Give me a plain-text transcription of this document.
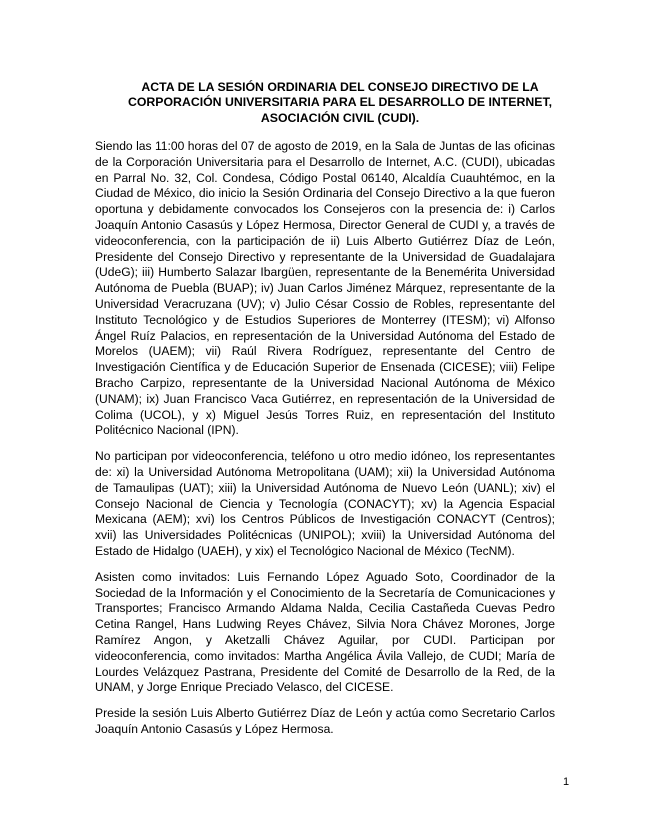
ACTA DE LA SESIÓN ORDINARIA DEL CONSEJO DIRECTIVO DE LA CORPORACIÓN UNIVERSITARIA PARA EL DESARROLLO DE INTERNET, ASOCIACIÓN CIVIL (CUDI).

Siendo las 11:00 horas del 07 de agosto de 2019, en la Sala de Juntas de las oficinas de la Corporación Universitaria para el Desarrollo de Internet, A.C. (CUDI), ubicadas en Parral No. 32, Col. Condesa, Código Postal 06140, Alcaldía Cuauhtémoc, en la Ciudad de México, dio inicio la Sesión Ordinaria del Consejo Directivo a la que fueron oportuna y debidamente convocados los Consejeros con la presencia de: i) Carlos Joaquín Antonio Casasús y López Hermosa, Director General de CUDI y, a través de videoconferencia, con la participación de ii) Luis Alberto Gutiérrez Díaz de León, Presidente del Consejo Directivo y representante de la Universidad de Guadalajara (UdeG); iii) Humberto Salazar Ibargüen, representante de la Benemérita Universidad Autónoma de Puebla (BUAP); iv) Juan Carlos Jiménez Márquez, representante de la Universidad Veracruzana (UV); v) Julio César Cossio de Robles, representante del Instituto Tecnológico y de Estudios Superiores de Monterrey (ITESM); vi) Alfonso Ángel Ruíz Palacios, en representación de la Universidad Autónoma del Estado de Morelos (UAEM); vii) Raúl Rivera Rodríguez, representante del Centro de Investigación Científica y de Educación Superior de Ensenada (CICESE); viii) Felipe Bracho Carpizo, representante de la Universidad Nacional Autónoma de México (UNAM); ix) Juan Francisco Vaca Gutiérrez, en representación de la Universidad de Colima (UCOL), y x) Miguel Jesús Torres Ruiz, en representación del Instituto Politécnico Nacional (IPN).

No participan por videoconferencia, teléfono u otro medio idóneo, los representantes de: xi) la Universidad Autónoma Metropolitana (UAM); xii) la Universidad Autónoma de Tamaulipas (UAT); xiii) la Universidad Autónoma de Nuevo León (UANL); xiv) el Consejo Nacional de Ciencia y Tecnología (CONACYT); xv) la Agencia Espacial Mexicana (AEM); xvi) los Centros Públicos de Investigación CONACYT (Centros); xvii) las Universidades Politécnicas (UNIPOL); xviii) la Universidad Autónoma del Estado de Hidalgo (UAEH), y xix) el Tecnológico Nacional de México (TecNM).

Asisten como invitados: Luis Fernando López Aguado Soto, Coordinador de la Sociedad de la Información y el Conocimiento de la Secretaría de Comunicaciones y Transportes; Francisco Armando Aldama Nalda, Cecilia Castañeda Cuevas Pedro Cetina Rangel, Hans Ludwing Reyes Chávez, Silvia Nora Chávez Morones, Jorge Ramírez Angon, y Aketzalli Chávez Aguilar, por CUDI. Participan por videoconferencia, como invitados: Martha Angélica Ávila Vallejo, de CUDI; María de Lourdes Velázquez Pastrana, Presidente del Comité de Desarrollo de la Red, de la UNAM, y Jorge Enrique Preciado Velasco, del CICESE.

Preside la sesión Luis Alberto Gutiérrez Díaz de León y actúa como Secretario Carlos Joaquín Antonio Casasús y López Hermosa.

1
